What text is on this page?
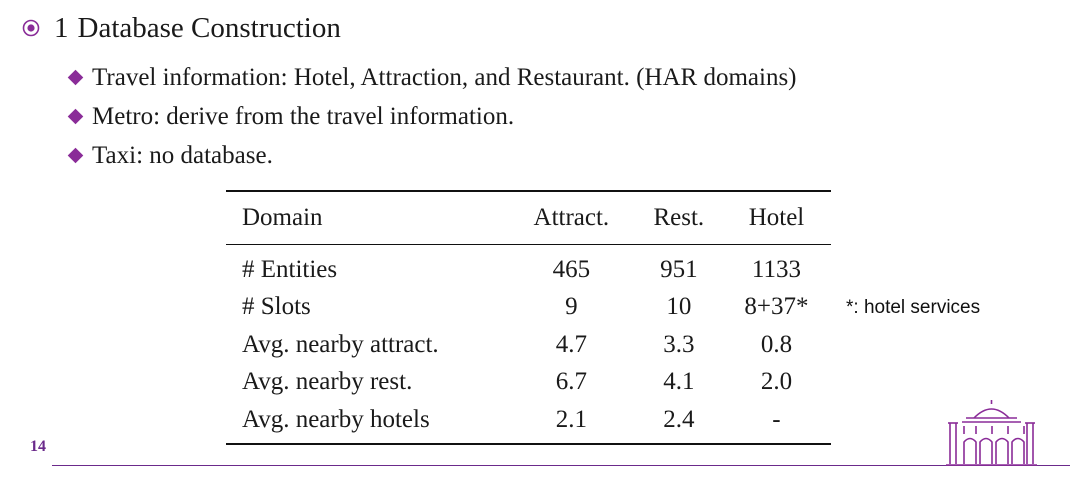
1 Database Construction
Travel information: Hotel, Attraction, and Restaurant. (HAR domains)
Metro: derive from the travel information.
Taxi: no database.
Domain	Attract.	Rest.	Hotel
# Entities	465	951	1133
# Slots	9	10	8+37*
Avg. nearby attract.	4.7	3.3	0.8
Avg. nearby rest.	6.7	4.1	2.0
Avg. nearby hotels	2.1	2.4	-
*: hotel services
14
